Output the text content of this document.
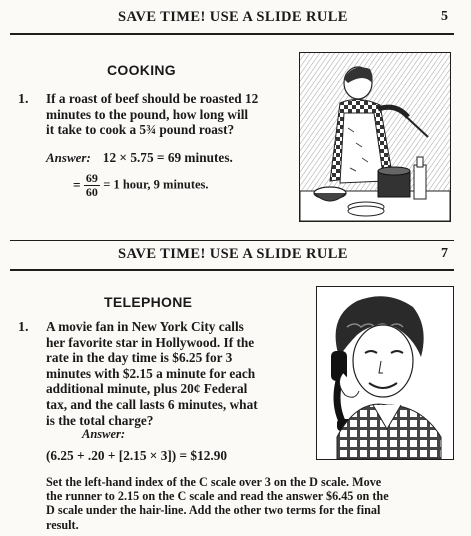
SAVE TIME! USE A SLIDE RULE	5
COOKING
1. If a roast of beef should be roasted 12
minutes to the pound, how long will
it take to cook a 5¾ pound roast?
Answer: 12 × 5.75 = 69 minutes.
= $\frac{69}{60} = 1$ hour, 9 minutes.
SAVE TIME! USE A SLIDE RULE	7
TELEPHONE
1. A movie fan in New York City calls
her favorite star in Hollywood. If the
rate in the day time is $6.25 for 3
minutes with $2.15 a minute for each
additional minute, plus 20¢ Federal
tax, and the call lasts 6 minutes, what
is the total charge?
Answer:
(6.25 + .20 + [2.15 × 3]) = $12.90
Set the left-hand index of the C scale over 3 on the D scale. Move
the runner to 2.15 on the C scale and read the answer $6.45 on the
D scale under the hair-line. Add the other two terms for the final
result.
